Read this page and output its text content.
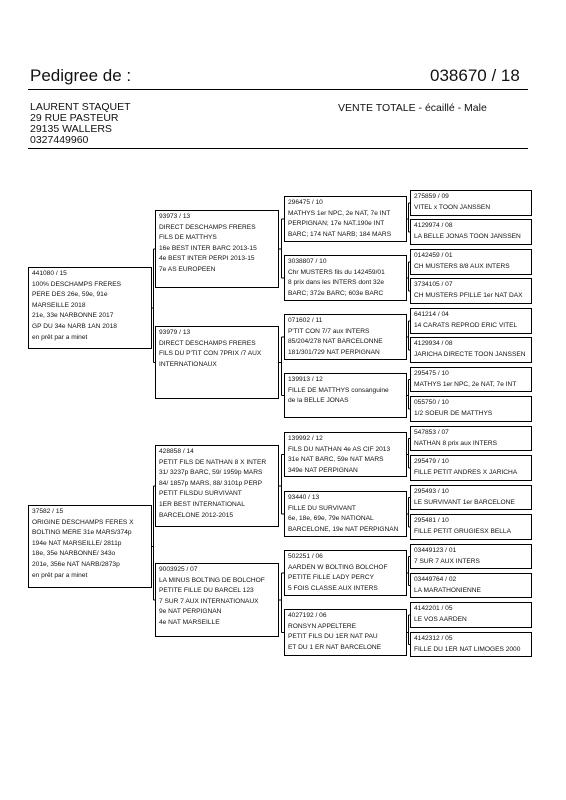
Pedigree de :	038670 / 18
LAURENT STAQUET
29 RUE PASTEUR
29135 WALLERS
0327449960
VENTE TOTALE - écaillé - Male
441080 / 15
100% DESCHAMPS FRERES
PERE DES 26e, 59e, 91e
MARSEILLE 2018
21e, 33e NARBONNE 2017
GP DU 34e NARB 1AN 2018
en prêt par a minet
37582 / 15
ORIGINE DESCHAMPS FERES X
BOLTING MERE 31e MARS/374p
194e NAT MARSEILLE/ 2811p
18e, 35e NARBONNE/ 343o
201e, 356e NAT NARB/2873p
en prêt par a minet
93973 / 13
DIRECT DESCHAMPS FRERES
FILS DE MATTHYS
16e BEST INTER BARC 2013-15
4e BEST INTER PERPI 2013-15
7e AS EUROPEEN
93979 / 13
DIRECT DESCHAMPS FRERES
FILS DU P'TIT CON 7PRIX /7 AUX
INTERNATIONAUX
428858 / 14
PETIT FILS DE NATHAN 8 X INTER
31/ 3237p BARC, 59/ 1959p MARS
84/ 1857p MARS, 88/ 3101p PERP
PETIT FILSDU SURVIVANT
1ER BEST INTERNATIONAL
BARCELONE 2012-2015
9003925 / 07
LA MINUS BOLTING DE BOLCHOF
PETITE FILLE DU BARCEL 123
7 SUR 7 AUX INTERNATIONAUX
9e NAT PERPIGNAN
4e NAT MARSEILLE
296475 / 10
MATHYS 1er NPC, 2e NAT, 7e INT
PERPIGNAN; 17e NAT.190e INT
BARC; 174 NAT NARB; 184 MARS
3038807 / 10
Chr MUSTERS fils du 142459/01
8 prix dans les INTERS dont 32e
BARC; 372e BARC; 603e BARC
071602 / 11
P'TIT CON 7/7 aux INTERS
85/204/278 NAT BARCELONNE
181/301/729 NAT PERPIGNAN
139913 / 12
FILLE DE MATTHYS consanguine
de la BELLE JONAS
139992 / 12
FILS DU NATHAN 4e AS CIF 2013
31e NAT BARC, 59e NAT MARS
349e NAT PERPIGNAN
93440 / 13
FILLE DU SURVIVANT
6e, 18e, 69e, 79e NATIONAL
BARCELONE, 19e NAT PERPIGNAN
502251 / 06
AARDEN W BOLTING BOLCHOF
PETITE FILLE LADY PERCY
5 FOIS CLASSE AUX INTERS
4027192 / 06
RONSYN APPELTERE
PETIT FILS DU 1ER NAT PAU
ET DU 1 ER NAT BARCELONE
275859 / 09
VITEL x TOON JANSSEN
4129974 / 08
LA BELLE JONAS TOON JANSSEN
0142459 / 01
CH MUSTERS 8/8 AUX INTERS
3734105 / 07
CH MUSTERS PFILLE 1er NAT DAX
641214 / 04
14 CARATS REPROD ERIC VITEL
4129934 / 08
JARICHA DIRECTE TOON JANSSEN
295475 / 10
MATHYS 1er NPC, 2e NAT, 7e INT
055750 / 10
1/2 SOEUR DE MATTHYS
547853 / 07
NATHAN 8 prix aux INTERS
295479 / 10
FILLE PETIT ANDRES X JARICHA
295493 / 10
LE SURVIVANT 1er BARCELONE
295481 / 10
FILLE PETIT GRUGIESX BELLA
03449123 / 01
7 SUR 7 AUX INTERS
03449764 / 02
LA MARATHONIENNE
4142201 / 05
LE VOS AARDEN
4142312 / 05
FILLE DU 1ER NAT LIMOGES 2000
